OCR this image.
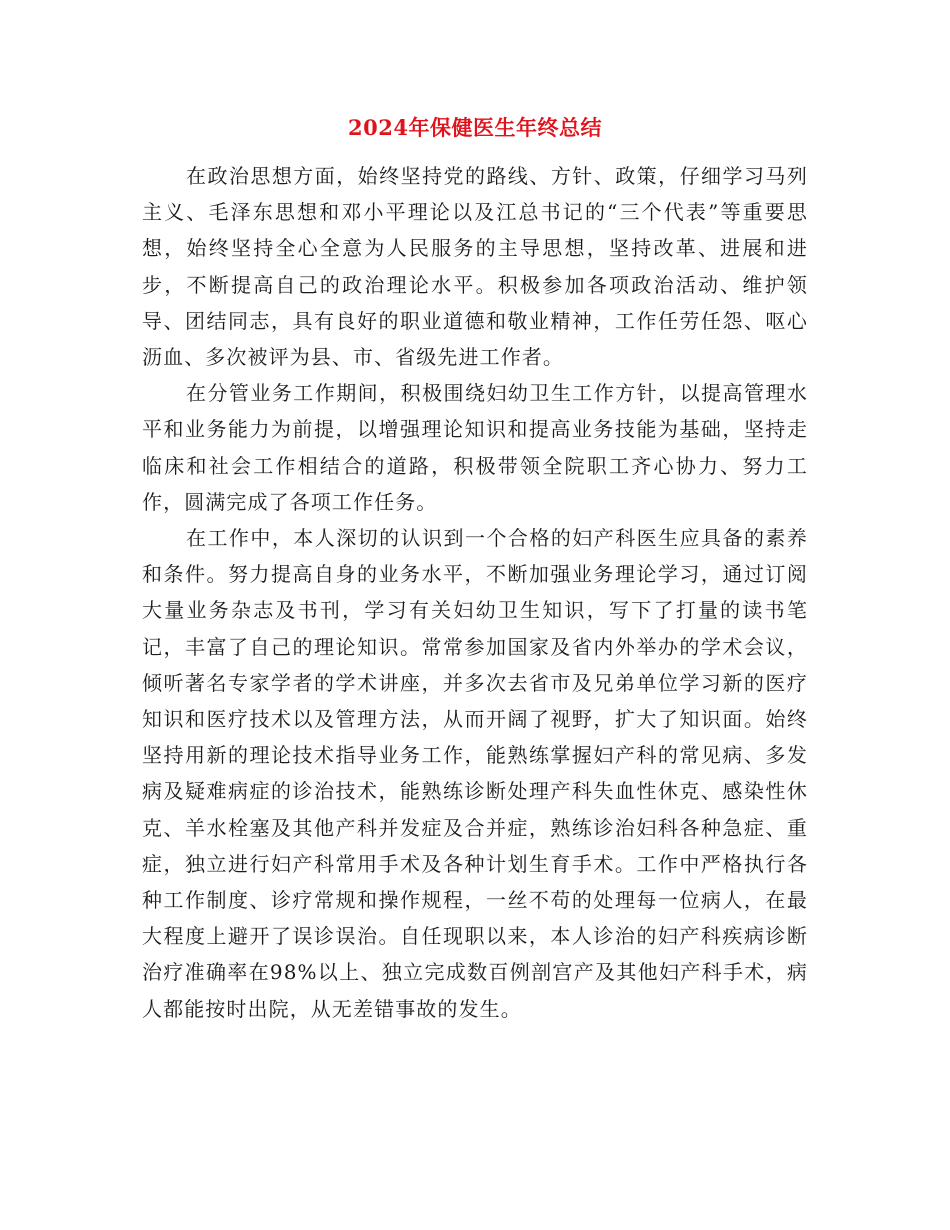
2024年保健医生年终总结

在政治思想方面，始终坚持党的路线、方针、政策，仔细学习马列主义、毛泽东思想和邓小平理论以及江总书记的“三个代表”等重要思想，始终坚持全心全意为人民服务的主导思想，坚持改革、进展和进步，不断提高自己的政治理论水平。积极参加各项政治活动、维护领导、团结同志，具有良好的职业道德和敬业精神，工作任劳任怨、呕心沥血、多次被评为县、市、省级先进工作者。

在分管业务工作期间，积极围绕妇幼卫生工作方针，以提高管理水平和业务能力为前提，以增强理论知识和提高业务技能为基础，坚持走临床和社会工作相结合的道路，积极带领全院职工齐心协力、努力工作，圆满完成了各项工作任务。

在工作中，本人深切的认识到一个合格的妇产科医生应具备的素养和条件。努力提高自身的业务水平，不断加强业务理论学习，通过订阅大量业务杂志及书刊，学习有关妇幼卫生知识，写下了打量的读书笔记，丰富了自己的理论知识。常常参加国家及省内外举办的学术会议，倾听著名专家学者的学术讲座，并多次去省市及兄弟单位学习新的医疗知识和医疗技术以及管理方法，从而开阔了视野，扩大了知识面。始终坚持用新的理论技术指导业务工作，能熟练掌握妇产科的常见病、多发病及疑难病症的诊治技术，能熟练诊断处理产科失血性休克、感染性休克、羊水栓塞及其他产科并发症及合并症，熟练诊治妇科各种急症、重症，独立进行妇产科常用手术及各种计划生育手术。工作中严格执行各种工作制度、诊疗常规和操作规程，一丝不苟的处理每一位病人，在最大程度上避开了误诊误治。自任现职以来，本人诊治的妇产科疾病诊断治疗准确率在98%以上、独立完成数百例剖宫产及其他妇产科手术，病人都能按时出院，从无差错事故的发生。
